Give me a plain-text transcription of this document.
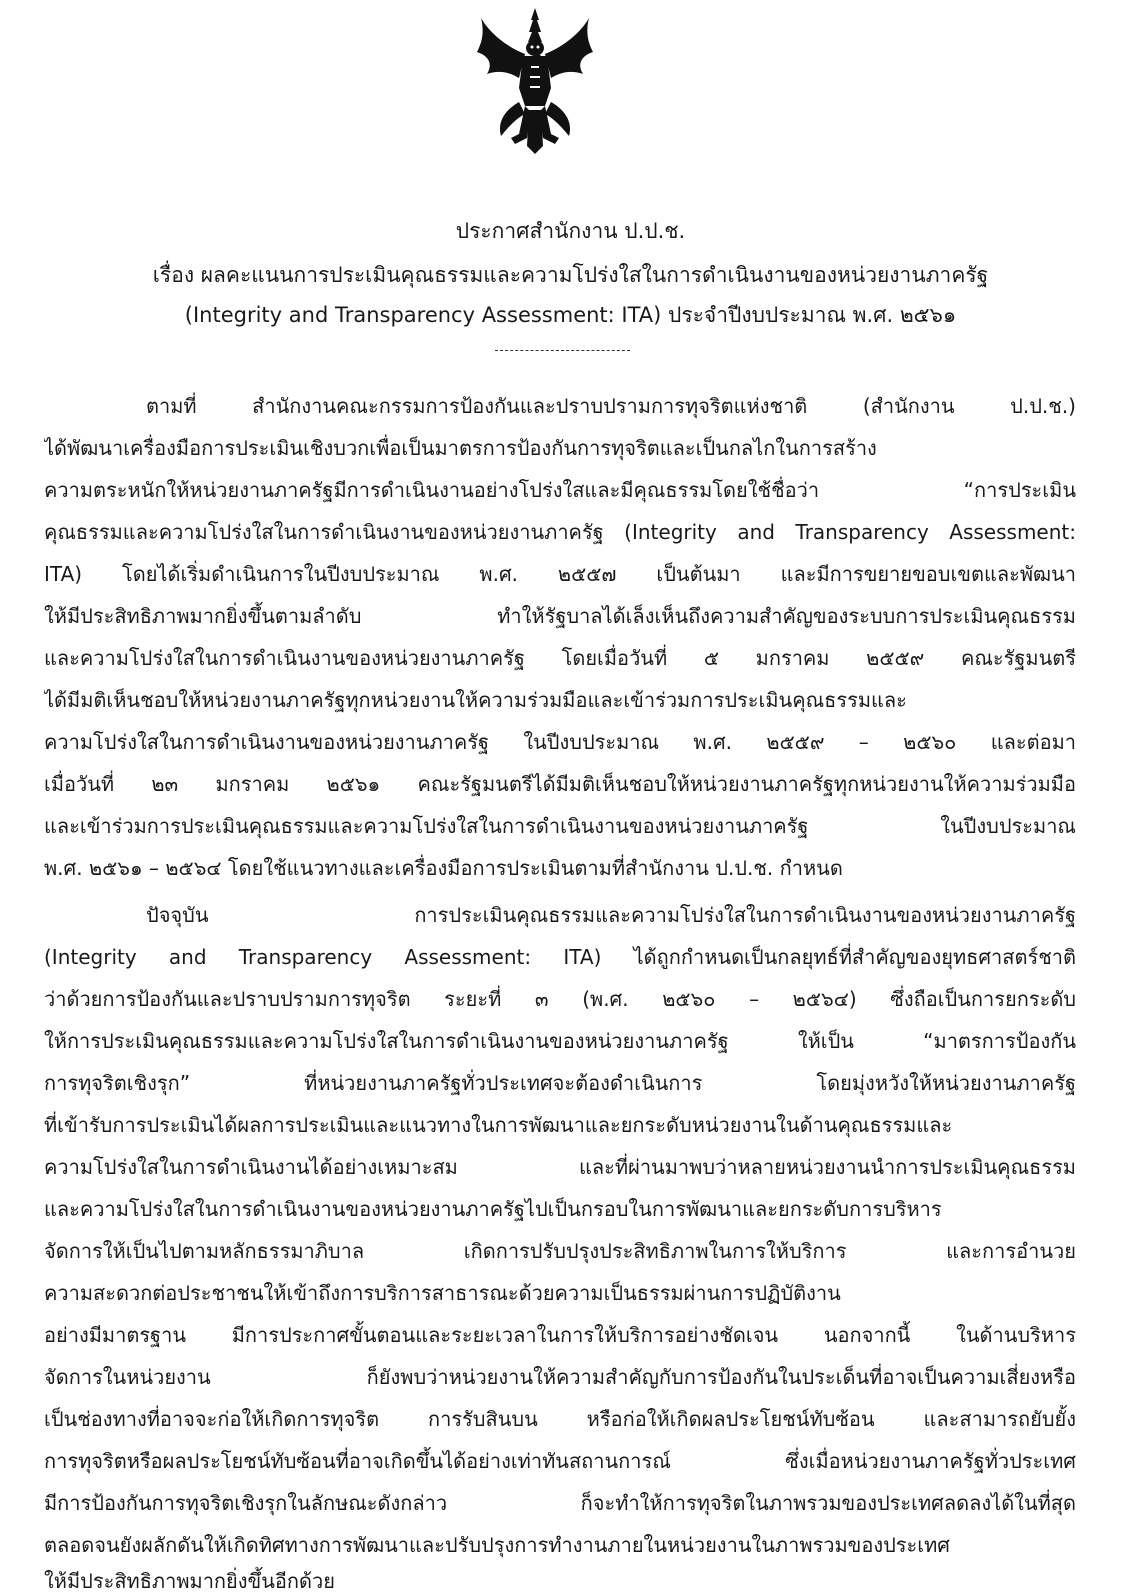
ประกาศสำนักงาน ป.ป.ช.
เรื่อง ผลคะแนนการประเมินคุณธรรมและความโปร่งใสในการดำเนินงานของหน่วยงานภาครัฐ
(Integrity and Transparency Assessment: ITA) ประจำปีงบประมาณ พ.ศ. ๒๕๖๑
ตามที่ สำนักงานคณะกรรมการป้องกันและปราบปรามการทุจริตแห่งชาติ (สำนักงาน ป.ป.ช.)
ได้พัฒนาเครื่องมือการประเมินเชิงบวกเพื่อเป็นมาตรการป้องกันการทุจริตและเป็นกลไกในการสร้าง
ความตระหนักให้หน่วยงานภาครัฐมีการดำเนินงานอย่างโปร่งใสและมีคุณธรรมโดยใช้ชื่อว่า “การประเมิน
คุณธรรมและความโปร่งใสในการดำเนินงานของหน่วยงานภาครัฐ (Integrity and Transparency Assessment:
ITA) โดยได้เริ่มดำเนินการในปีงบประมาณ พ.ศ. ๒๕๕๗ เป็นต้นมา และมีการขยายขอบเขตและพัฒนา
ให้มีประสิทธิภาพมากยิ่งขึ้นตามลำดับ ทำให้รัฐบาลได้เล็งเห็นถึงความสำคัญของระบบการประเมินคุณธรรม
และความโปร่งใสในการดำเนินงานของหน่วยงานภาครัฐ โดยเมื่อวันที่ ๕ มกราคม ๒๕๕๙ คณะรัฐมนตรี
ได้มีมติเห็นชอบให้หน่วยงานภาครัฐทุกหน่วยงานให้ความร่วมมือและเข้าร่วมการประเมินคุณธรรมและ
ความโปร่งใสในการดำเนินงานของหน่วยงานภาครัฐ ในปีงบประมาณ พ.ศ. ๒๕๕๙ – ๒๕๖๐ และต่อมา
เมื่อวันที่ ๒๓ มกราคม ๒๕๖๑ คณะรัฐมนตรีได้มีมติเห็นชอบให้หน่วยงานภาครัฐทุกหน่วยงานให้ความร่วมมือ
และเข้าร่วมการประเมินคุณธรรมและความโปร่งใสในการดำเนินงานของหน่วยงานภาครัฐ ในปีงบประมาณ
พ.ศ. ๒๕๖๑ – ๒๕๖๔ โดยใช้แนวทางและเครื่องมือการประเมินตามที่สำนักงาน ป.ป.ช. กำหนด
ปัจจุบัน การประเมินคุณธรรมและความโปร่งใสในการดำเนินงานของหน่วยงานภาครัฐ
(Integrity and Transparency Assessment: ITA) ได้ถูกกำหนดเป็นกลยุทธ์ที่สำคัญของยุทธศาสตร์ชาติ
ว่าด้วยการป้องกันและปราบปรามการทุจริต ระยะที่ ๓ (พ.ศ. ๒๕๖๐ – ๒๕๖๔) ซึ่งถือเป็นการยกระดับ
ให้การประเมินคุณธรรมและความโปร่งใสในการดำเนินงานของหน่วยงานภาครัฐ ให้เป็น “มาตรการป้องกัน
การทุจริตเชิงรุก” ที่หน่วยงานภาครัฐทั่วประเทศจะต้องดำเนินการ โดยมุ่งหวังให้หน่วยงานภาครัฐ
ที่เข้ารับการประเมินได้ผลการประเมินและแนวทางในการพัฒนาและยกระดับหน่วยงานในด้านคุณธรรมและ
ความโปร่งใสในการดำเนินงานได้อย่างเหมาะสม และที่ผ่านมาพบว่าหลายหน่วยงานนำการประเมินคุณธรรม
และความโปร่งใสในการดำเนินงานของหน่วยงานภาครัฐไปเป็นกรอบในการพัฒนาและยกระดับการบริหาร
จัดการให้เป็นไปตามหลักธรรมาภิบาล เกิดการปรับปรุงประสิทธิภาพในการให้บริการ และการอำนวย
ความสะดวกต่อประชาชนให้เข้าถึงการบริการสาธารณะด้วยความเป็นธรรมผ่านการปฏิบัติงาน
อย่างมีมาตรฐาน มีการประกาศขั้นตอนและระยะเวลาในการให้บริการอย่างชัดเจน นอกจากนี้ ในด้านบริหาร
จัดการในหน่วยงาน ก็ยังพบว่าหน่วยงานให้ความสำคัญกับการป้องกันในประเด็นที่อาจเป็นความเสี่ยงหรือ
เป็นช่องทางที่อาจจะก่อให้เกิดการทุจริต การรับสินบน หรือก่อให้เกิดผลประโยชน์ทับซ้อน และสามารถยับยั้ง
การทุจริตหรือผลประโยชน์ทับซ้อนที่อาจเกิดขึ้นได้อย่างเท่าทันสถานการณ์ ซึ่งเมื่อหน่วยงานภาครัฐทั่วประเทศ
มีการป้องกันการทุจริตเชิงรุกในลักษณะดังกล่าว ก็จะทำให้การทุจริตในภาพรวมของประเทศลดลงได้ในที่สุด
ตลอดจนยังผลักดันให้เกิดทิศทางการพัฒนาและปรับปรุงการทำงานภายในหน่วยงานในภาพรวมของประเทศ
ให้มีประสิทธิภาพมากยิ่งขึ้นอีกด้วย
